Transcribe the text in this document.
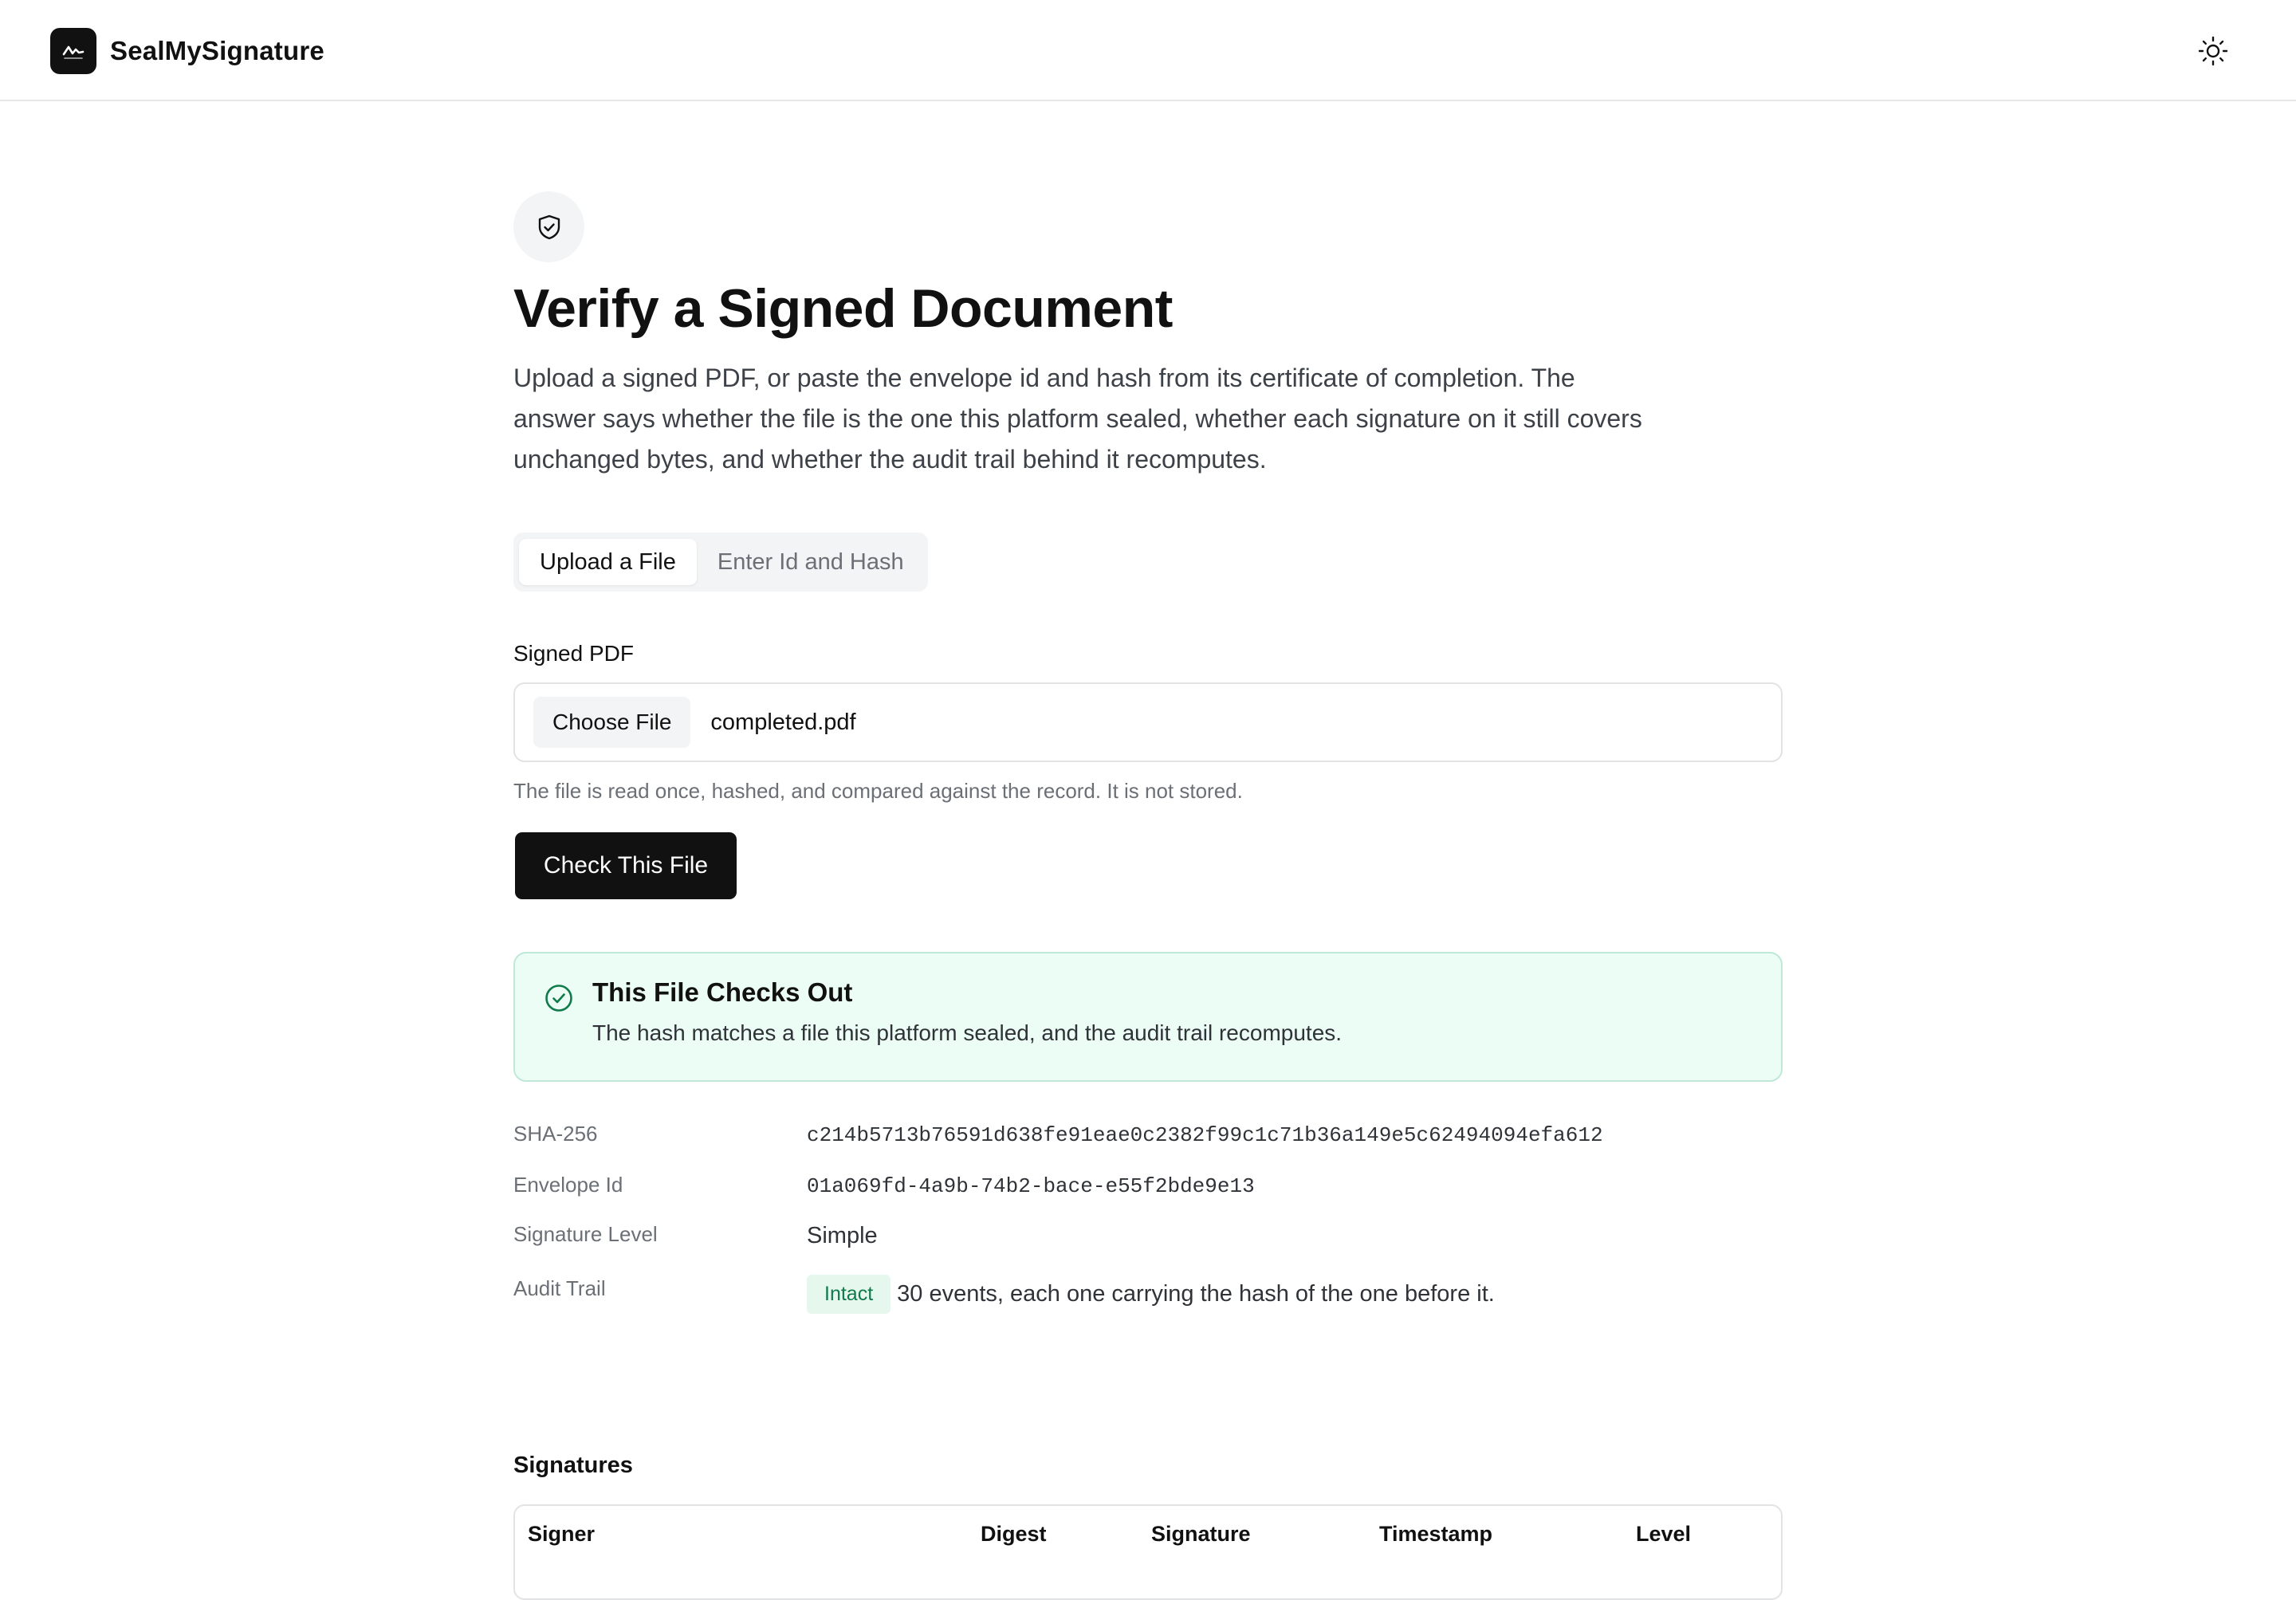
SealMySignature
Verify a Signed Document

Upload a signed PDF, or paste the envelope id and hash from its certificate of completion. The answer says whether the file is the one this platform sealed, whether each signature on it still covers unchanged bytes, and whether the audit trail behind it recomputes.

Upload a File	Enter Id and Hash
Signed PDF
Choose File	completed.pdf
The file is read once, hashed, and compared against the record. It is not stored.
Check This File
This File Checks Out
The hash matches a file this platform sealed, and the audit trail recomputes.
SHA-256	c214b5713b76591d638fe91eae0c2382f99c1c71b36a149e5c62494094efa612
Envelope Id	01a069fd-4a9b-74b2-bace-e55f2bde9e13
Signature Level	Simple
Audit Trail	Intact 30 events, each one carrying the hash of the one before it.
Signatures
Signer	Digest	Signature	Timestamp	Level
